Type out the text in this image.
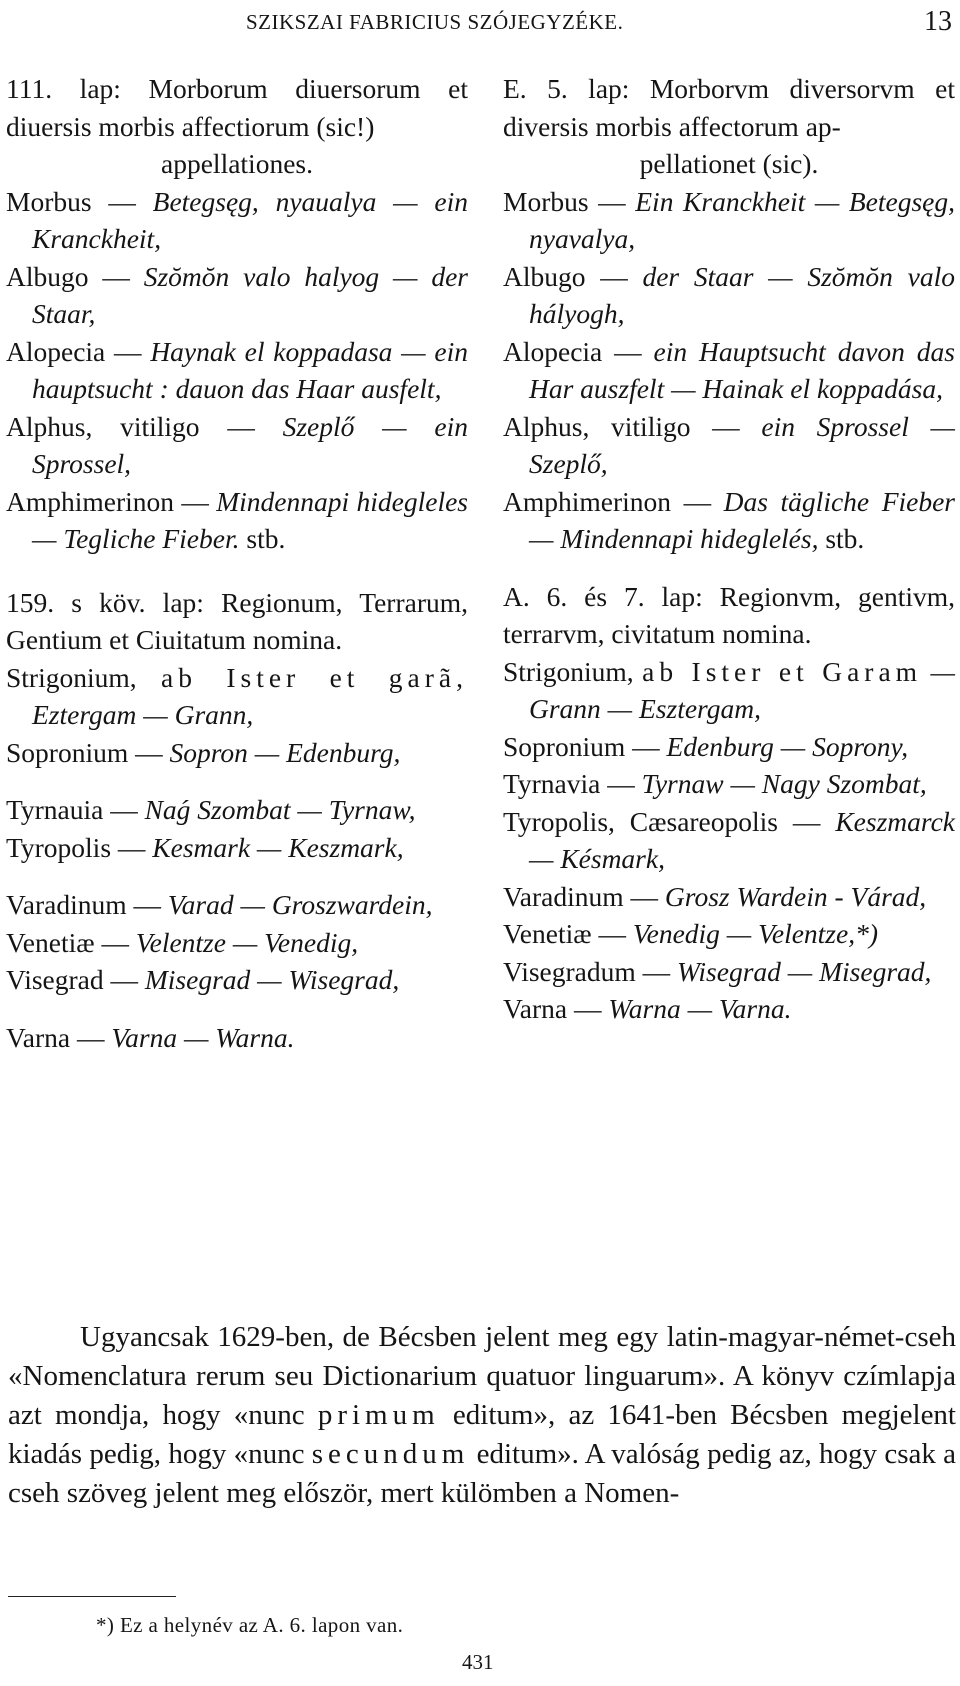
SZIKSZAI FABRICIUS SZÓJEGYZÉKE.	13

111. lap: Morborum diuersorum et diuersis morbis affectiorum (sic!)
appellationes.

Morbus — Betegsęg, nyaualya — ein Kranckheit,

Albugo — Szŏmŏn valo halyog — der Staar,

Alopecia — Haynak el koppadasa — ein hauptsucht : dauon das Haar ausfelt,

Alphus, vitiligo — Szeplő — ein Sprossel,

Amphimerinon — Mindennapi hidegleles — Tegliche Fieber. stb.

159. s köv. lap: Regionum, Terrarum, Gentium et Ciuitatum nomina.

Strigonium, ab Ister et garã, Eztergam — Grann,

Sopronium — Sopron — Edenburg,

Tyrnauia — Naǵ Szombat — Tyrnaw,

Tyropolis — Kesmark — Keszmark,

Varadinum — Varad — Groszwardein,

Venetiæ — Velentze — Venedig,

Visegrad — Misegrad — Wisegrad,

Varna — Varna — Warna.

E. 5. lap: Morborvm diversorvm et diversis morbis affectorum ap-
pellationet (sic).

Morbus — Ein Kranckheit — Betegsęg, nyavalya,

Albugo — der Staar — Szŏmŏn valo hályogh,

Alopecia — ein Hauptsucht davon das Har auszfelt — Hainak el koppadása,

Alphus, vitiligo — ein Sprossel — Szeplő,

Amphimerinon — Das tägliche Fieber — Mindennapi hideglelés, stb.

A. 6. és 7. lap: Regionvm, gentivm, terrarvm, civitatum nomina.

Strigonium, ab Ister et Garam — Grann — Esztergam,

Sopronium — Edenburg — Soprony,

Tyrnavia — Tyrnaw — Nagy Szombat,

Tyropolis, Cæsareopolis — Keszmarck — Késmark,

Varadinum — Grosz Wardein - Várad,

Venetiæ — Venedig — Velentze,*)

Visegradum — Wisegrad — Misegrad,

Varna — Warna — Varna.

Ugyancsak 1629-ben, de Bécsben jelent meg egy latin-magyar-német-cseh «Nomenclatura rerum seu Dictionarium quatuor linguarum». A könyv czímlapja azt mondja, hogy «nunc primum editum», az 1641-ben Bécsben megjelent kiadás pedig, hogy «nunc secundum editum». A valóság pedig az, hogy csak a cseh szöveg jelent meg először, mert külömben a Nomen-

*) Ez a helynév az A. 6. lapon van.
431
